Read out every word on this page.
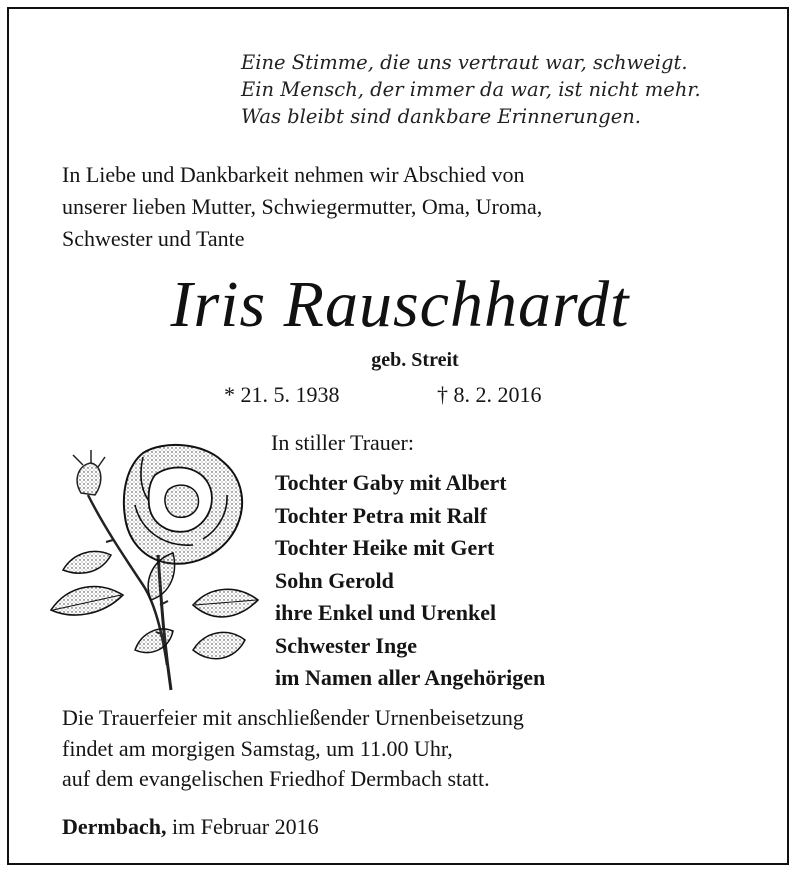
Eine Stimme, die uns vertraut war, schweigt.
Ein Mensch, der immer da war, ist nicht mehr.
Was bleibt sind dankbare Erinnerungen.
In Liebe und Dankbarkeit nehmen wir Abschied von
unserer lieben Mutter, Schwiegermutter, Oma, Uroma,
Schwester und Tante
Iris Rauschhardt
geb. Streit
* 21. 5. 1938	† 8. 2. 2016
In stiller Trauer:
Tochter Gaby mit Albert
Tochter Petra mit Ralf
Tochter Heike mit Gert
Sohn Gerold
ihre Enkel und Urenkel
Schwester Inge
im Namen aller Angehörigen
Die Trauerfeier mit anschließender Urnenbeisetzung
findet am morgigen Samstag, um 11.00 Uhr,
auf dem evangelischen Friedhof Dermbach statt.
Dermbach, im Februar 2016
